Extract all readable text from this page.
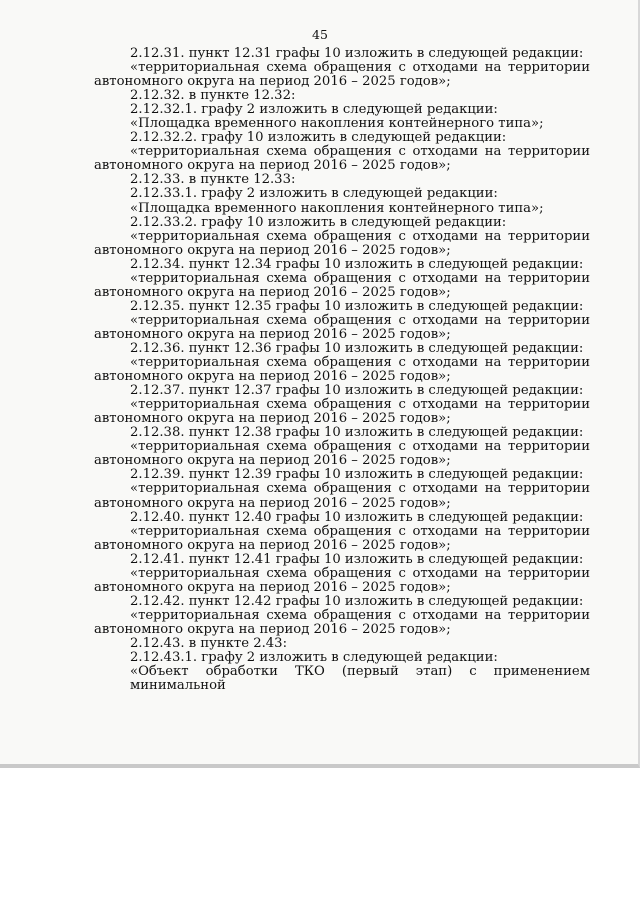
45
2.12.31. пункт 12.31 графы 10 изложить в следующей редакции:
«территориальная схема обращения с отходами на территории
автономного округа на период 2016 – 2025 годов»;
2.12.32. в пункте 12.32:
2.12.32.1. графу 2 изложить в следующей редакции:
«Площадка временного накопления контейнерного типа»;
2.12.32.2. графу 10 изложить в следующей редакции:
«территориальная схема обращения с отходами на территории
автономного округа на период 2016 – 2025 годов»;
2.12.33. в пункте 12.33:
2.12.33.1. графу 2 изложить в следующей редакции:
«Площадка временного накопления контейнерного типа»;
2.12.33.2. графу 10 изложить в следующей редакции:
«территориальная схема обращения с отходами на территории
автономного округа на период 2016 – 2025 годов»;
2.12.34. пункт 12.34 графы 10 изложить в следующей редакции:
«территориальная схема обращения с отходами на территории
автономного округа на период 2016 – 2025 годов»;
2.12.35. пункт 12.35 графы 10 изложить в следующей редакции:
«территориальная схема обращения с отходами на территории
автономного округа на период 2016 – 2025 годов»;
2.12.36. пункт 12.36 графы 10 изложить в следующей редакции:
«территориальная схема обращения с отходами на территории
автономного округа на период 2016 – 2025 годов»;
2.12.37. пункт 12.37 графы 10 изложить в следующей редакции:
«территориальная схема обращения с отходами на территории
автономного округа на период 2016 – 2025 годов»;
2.12.38. пункт 12.38 графы 10 изложить в следующей редакции:
«территориальная схема обращения с отходами на территории
автономного округа на период 2016 – 2025 годов»;
2.12.39. пункт 12.39 графы 10 изложить в следующей редакции:
«территориальная схема обращения с отходами на территории
автономного округа на период 2016 – 2025 годов»;
2.12.40. пункт 12.40 графы 10 изложить в следующей редакции:
«территориальная схема обращения с отходами на территории
автономного округа на период 2016 – 2025 годов»;
2.12.41. пункт 12.41 графы 10 изложить в следующей редакции:
«территориальная схема обращения с отходами на территории
автономного округа на период 2016 – 2025 годов»;
2.12.42. пункт 12.42 графы 10 изложить в следующей редакции:
«территориальная схема обращения с отходами на территории
автономного округа на период 2016 – 2025 годов»;
2.12.43. в пункте 2.43:
2.12.43.1. графу 2 изложить в следующей редакции:
«Объект обработки ТКО (первый этап) с применением минимальной
